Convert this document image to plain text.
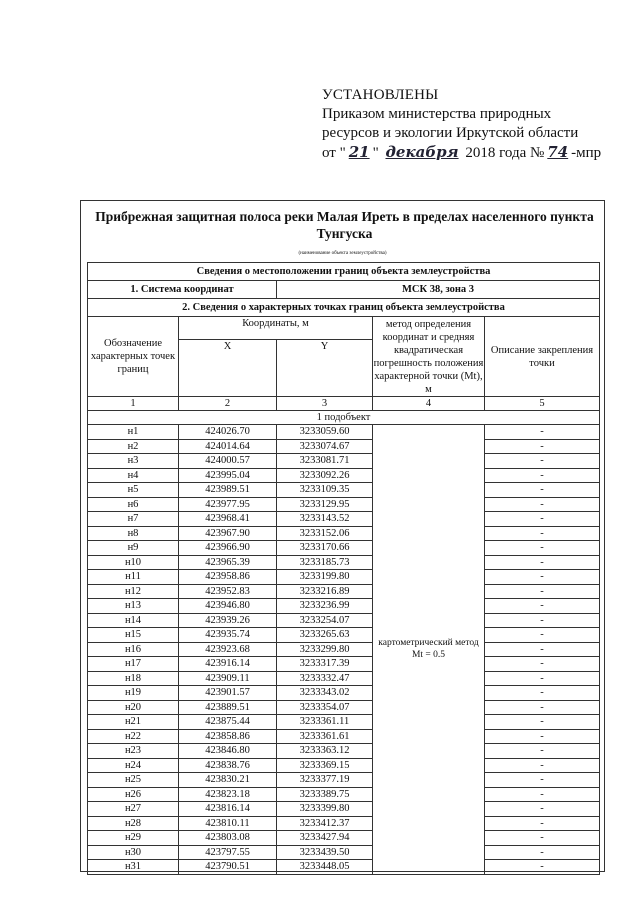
УСТАНОВЛЕНЫ
Приказом министерства природных
ресурсов и экологии Иркутской области
от " 21 " декабря 2018 года № 74 -мпр
Прибрежная защитная полоса реки Малая Ирeть в пределах населенного пункта Тунгуска
(наименование объекта землеустройства)
Сведения о местоположении границ объекта землеустройства				
1. Система координат		МСК 38, зона 3		
2. Сведения о характерных точках границ объекта землеустройства				
Обозначение характерных точек границ	Координаты, м		метод определения координат и средняя квадратическая погрешность положения характерной точки (Mt), м	Описание закрепления точки
	X	Y		
1	2	3	4	5
1 подобъект				
н1	424026.70	3233059.60	картометрический метод Mt = 0.5	-
н2	424014.64	3233074.67		-
н3	424000.57	3233081.71		-
н4	423995.04	3233092.26		-
н5	423989.51	3233109.35		-
н6	423977.95	3233129.95		-
н7	423968.41	3233143.52		-
н8	423967.90	3233152.06		-
н9	423966.90	3233170.66		-
н10	423965.39	3233185.73		-
н11	423958.86	3233199.80		-
н12	423952.83	3233216.89		-
н13	423946.80	3233236.99		-
н14	423939.26	3233254.07		-
н15	423935.74	3233265.63		-
н16	423923.68	3233299.80		-
н17	423916.14	3233317.39		-
н18	423909.11	3233332.47		-
н19	423901.57	3233343.02		-
н20	423889.51	3233354.07		-
н21	423875.44	3233361.11		-
н22	423858.86	3233361.61		-
н23	423846.80	3233363.12		-
н24	423838.76	3233369.15		-
н25	423830.21	3233377.19		-
н26	423823.18	3233389.75		-
н27	423816.14	3233399.80		-
н28	423810.11	3233412.37		-
н29	423803.08	3233427.94		-
н30	423797.55	3233439.50		-
н31	423790.51	3233448.05		-
